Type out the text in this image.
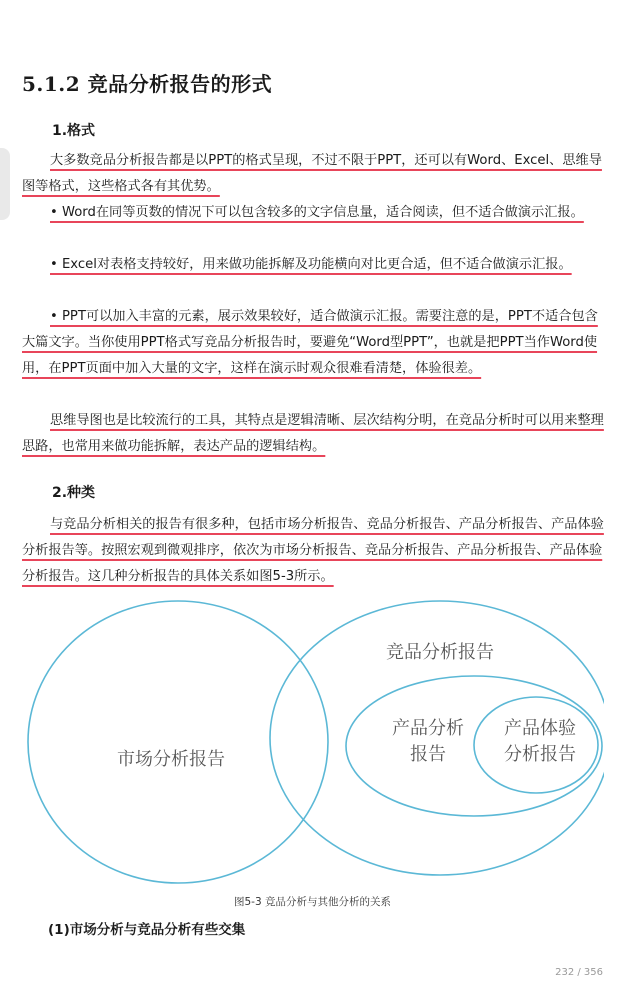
5.1.2 竞品分析报告的形式
1.格式

大多数竞品分析报告都是以PPT的格式呈现，不过不限于PPT，还可以有Word、Excel、思维导图等格式，这些格式各有其优势。

• Word在同等页数的情况下可以包含较多的文字信息量，适合阅读，但不适合做演示汇报。

• Excel对表格支持较好，用来做功能拆解及功能横向对比更合适，但不适合做演示汇报。

• PPT可以加入丰富的元素，展示效果较好，适合做演示汇报。需要注意的是，PPT不适合包含大篇文字。当你使用PPT格式写竞品分析报告时，要避免“Word型PPT”，也就是把PPT当作Word使用，在PPT页面中加入大量的文字，这样在演示时观众很难看清楚，体验很差。

思维导图也是比较流行的工具，其特点是逻辑清晰、层次结构分明，在竞品分析时可以用来整理思路，也常用来做功能拆解，表达产品的逻辑结构。

2.种类

与竞品分析相关的报告有很多种，包括市场分析报告、竞品分析报告、产品分析报告、产品体验分析报告等。按照宏观到微观排序，依次为市场分析报告、竞品分析报告、产品分析报告、产品体验分析报告。这几种分析报告的具体关系如图5-3所示。

市场分析报告
竞品分析报告
产品分析
报告
产品体验
分析报告
图5-3 竞品分析与其他分析的关系

(1)市场分析与竞品分析有些交集

232 / 356
